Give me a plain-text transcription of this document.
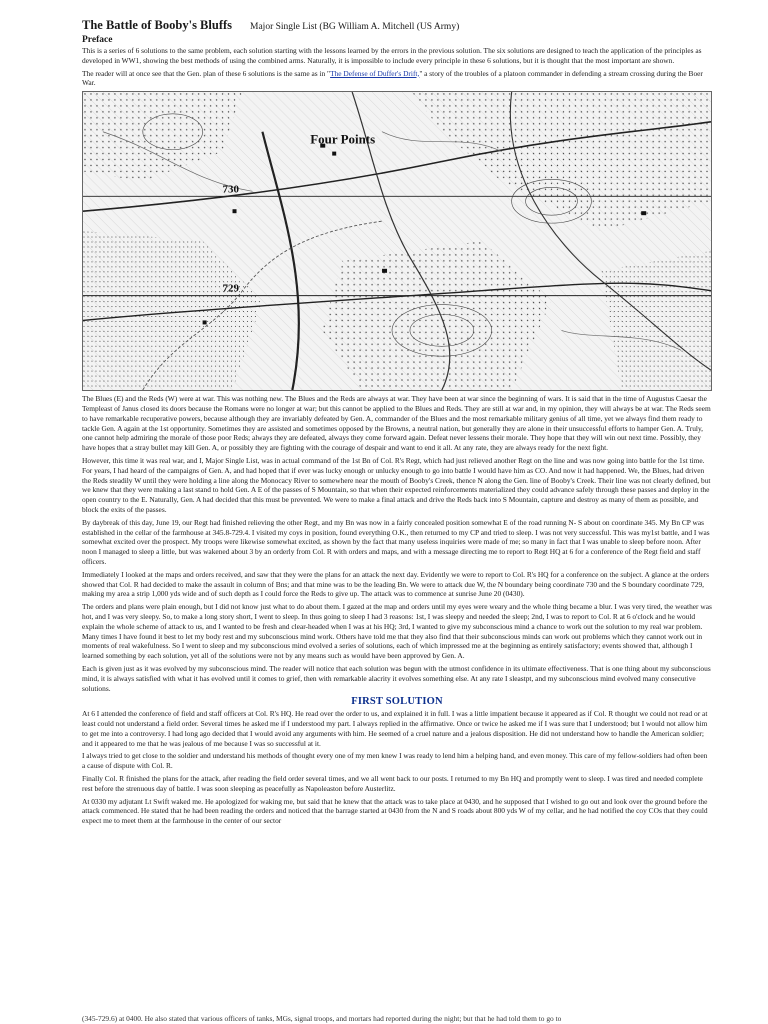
The Battle of Booby's Bluffs Major Single List (BG William A. Mitchell (US Army)
Preface

This is a series of 6 solutions to the same problem, each solution starting with the lessons learned by the errors in the previous solution. The six solutions are designed to teach the application of the principles as developed in WW1, showing the best methods of using the combined arms. Naturally, it is impossible to include every principle in these 6 solutions, but it is thought that the most important are shown.

The reader will at once see that the Gen. plan of these 6 solutions is the same as in "The Defense of Duffer's Drift," a story of the troubles of a platoon commander in defending a stream crossing during the Boer War.

Four Points
730
729

The Blues (E) and the Reds (W) were at war. This was nothing new. The Blues and the Reds are always at war. They have been at war since the beginning of wars. It is said that in the time of Augustus Caesar the Templeast of Janus closed its doors because the Romans were no longer at war; but this cannot be applied to the Blues and Reds. They are still at war and, in my opinion, they will always be at war. The Reds seem to have remarkable recuperative powers, because although they are invariably defeated by Gen. A, commander of the Blues and the most remarkable military genius of all time, yet we always find them ready to tackle Gen. A again at the 1st opportunity. Sometimes they are assisted and sometimes opposed by the Browns, a neutral nation, but generally they are alone in their unsuccessful efforts to hamper Gen. A. Truly, one cannot help admiring the morale of those poor Reds; always they are defeated, always they come forward again. Defeat never lessens their morale. They hope that they will win out next time. Possibly, they have hopes that a stray bullet may kill Gen. A, or possibly they are fighting with the courage of despair and want to end it all. At any rate, they are always ready for the next fight.

However, this time it was real war, and I, Major Single List, was in actual command of the 1st Bn of Col. R's Regt, which had just relieved another Regt on the line and was now going into battle for the 1st time. For years, I had heard of the campaigns of Gen. A, and had hoped that if ever was lucky enough or unlucky enough to go into battle I would have him as CO. And now it had happened. We, the Blues, had driven the Reds steadily W until they were holding a line along the Monocacy River to somewhere near the mouth of Booby's Creek, thence N along the Gen. line of Booby's Creek. Their line was not clearly defined, but we knew that they were making a last stand to hold Gen. A E of the passes of S Mountain, so that when their expected reinforcements materialized they could advance safely through these passes and deploy in the open country to the E. Naturally, Gen. A had decided that this must be prevented. We were to make a final attack and drive the Reds back into S Mountain, capture and destroy as many of them as possible, and block the exits of the passes.

By daybreak of this day, June 19, our Regt had finished relieving the other Regt, and my Bn was now in a fairly concealed position somewhat E of the road running N- S about on coordinate 345. My Bn CP was established in the cellar of the farmhouse at 345.8-729.4. I visited my coys in position, found everything O.K., then returned to my CP and tried to sleep. I was not very successful. This was my1st battle, and I was somewhat excited over the prospect. My troops were likewise somewhat excited, as shown by the fact that many useless inquiries were made of me; so many in fact that I was unable to sleep before noon. After noon I managed to sleep a little, but was wakened about 3 by an orderly from Col. R with orders and maps, and with a message directing me to report to Regt HQ at 6 for a conference of the Regt field and staff officers.

Immediately I looked at the maps and orders received, and saw that they were the plans for an attack the next day. Evidently we were to report to Col. R's HQ for a conference on the subject. A glance at the orders showed that Col. R had decided to make the assault in column of Bns; and that mine was to be the leading Bn. We were to attack due W, the N boundary being coordinate 730 and the S boundary coordinate 729, making my area a strip 1,000 yds wide and of such depth as I could force the Reds to give up. The attack was to commence at sunrise June 20 (0430).

The orders and plans were plain enough, but I did not know just what to do about them. I gazed at the map and orders until my eyes were weary and the whole thing became a blur. I was very tired, the weather was hot, and I was very sleepy. So, to make a long story short, I went to sleep. In thus going to sleep I had 3 reasons: 1st, I was sleepy and needed the sleep; 2nd, I was to report to Col. R at 6 o'clock and he would explain the whole scheme of attack to us, and I wanted to be fresh and clear-headed when I was at his HQ; 3rd, I wanted to give my subconscious mind a chance to work out the solution to my real war problem. Many times I have found it best to let my body rest and my subconscious mind work. Others have told me that they also find that their subconscious minds can work out problems which they cannot work out in moments of real wakefulness. So I went to sleep and my subconscious mind evolved a series of solutions, each of which impressed me at the beginning as entirely satisfactory; events showed that, although I learned something by each solution, yet all of the solutions were not by any means such as would have been approved by Gen. A.

Each is given just as it was evolved by my subconscious mind. The reader will notice that each solution was begun with the utmost confidence in its ultimate effectiveness. That is one thing about my subconscious mind, it is always satisfied with what it has evolved until it comes to grief, then with remarkable alacrity it evolves something else. At any rate I sleastpt, and my subconscious mind evolved many consecutive solutions.

FIRST SOLUTION

At 6 I attended the conference of field and staff officers at Col. R's HQ. He read over the order to us, and explained it in full. I was a little impatient because it appeared as if Col. R thought we could not read or at least could not understand a field order. Several times he asked me if I understood my part. I always replied in the affirmative. Once or twice he asked me if I was sure that I understood; but I would not allow him to get me into a controversy. I had long ago decided that I would avoid any arguments with him. He seemed of a cruel nature and a jealous disposition. He did not understand how to handle the American soldier; and it appeared to me that he was jealous of me because I was so successful at it.

I always tried to get close to the soldier and understand his methods of thought every one of my men knew I was ready to lend him a helping hand, and even money. This care of my fellow-soldiers had often been a cause of dispute with Col. R.

Finally Col. R finished the plans for the attack, after reading the field order several times, and we all went back to our posts. I returned to my Bn HQ and promptly went to sleep. I was tired and needed complete rest before the strenuous day of battle. I was soon sleeping as peacefully as Napoleaston before Austerlitz.

At 0330 my adjutant Lt Swift waked me. He apologized for waking me, but said that he knew that the attack was to take place at 0430, and he supposed that I wished to go out and look over the ground before the attack commenced. He stated that he had been reading the orders and noticed that the barrage started at 0430 from the N and S roads about 800 yds W of my cellar, and he had notified the coy COs that they could expect me to meet them at the farmhouse in the center of our sector

(345-729.6) at 0400. He also stated that various officers of tanks, MGs, signal troops, and mortars had reported during the night; but that he had told them to go to
